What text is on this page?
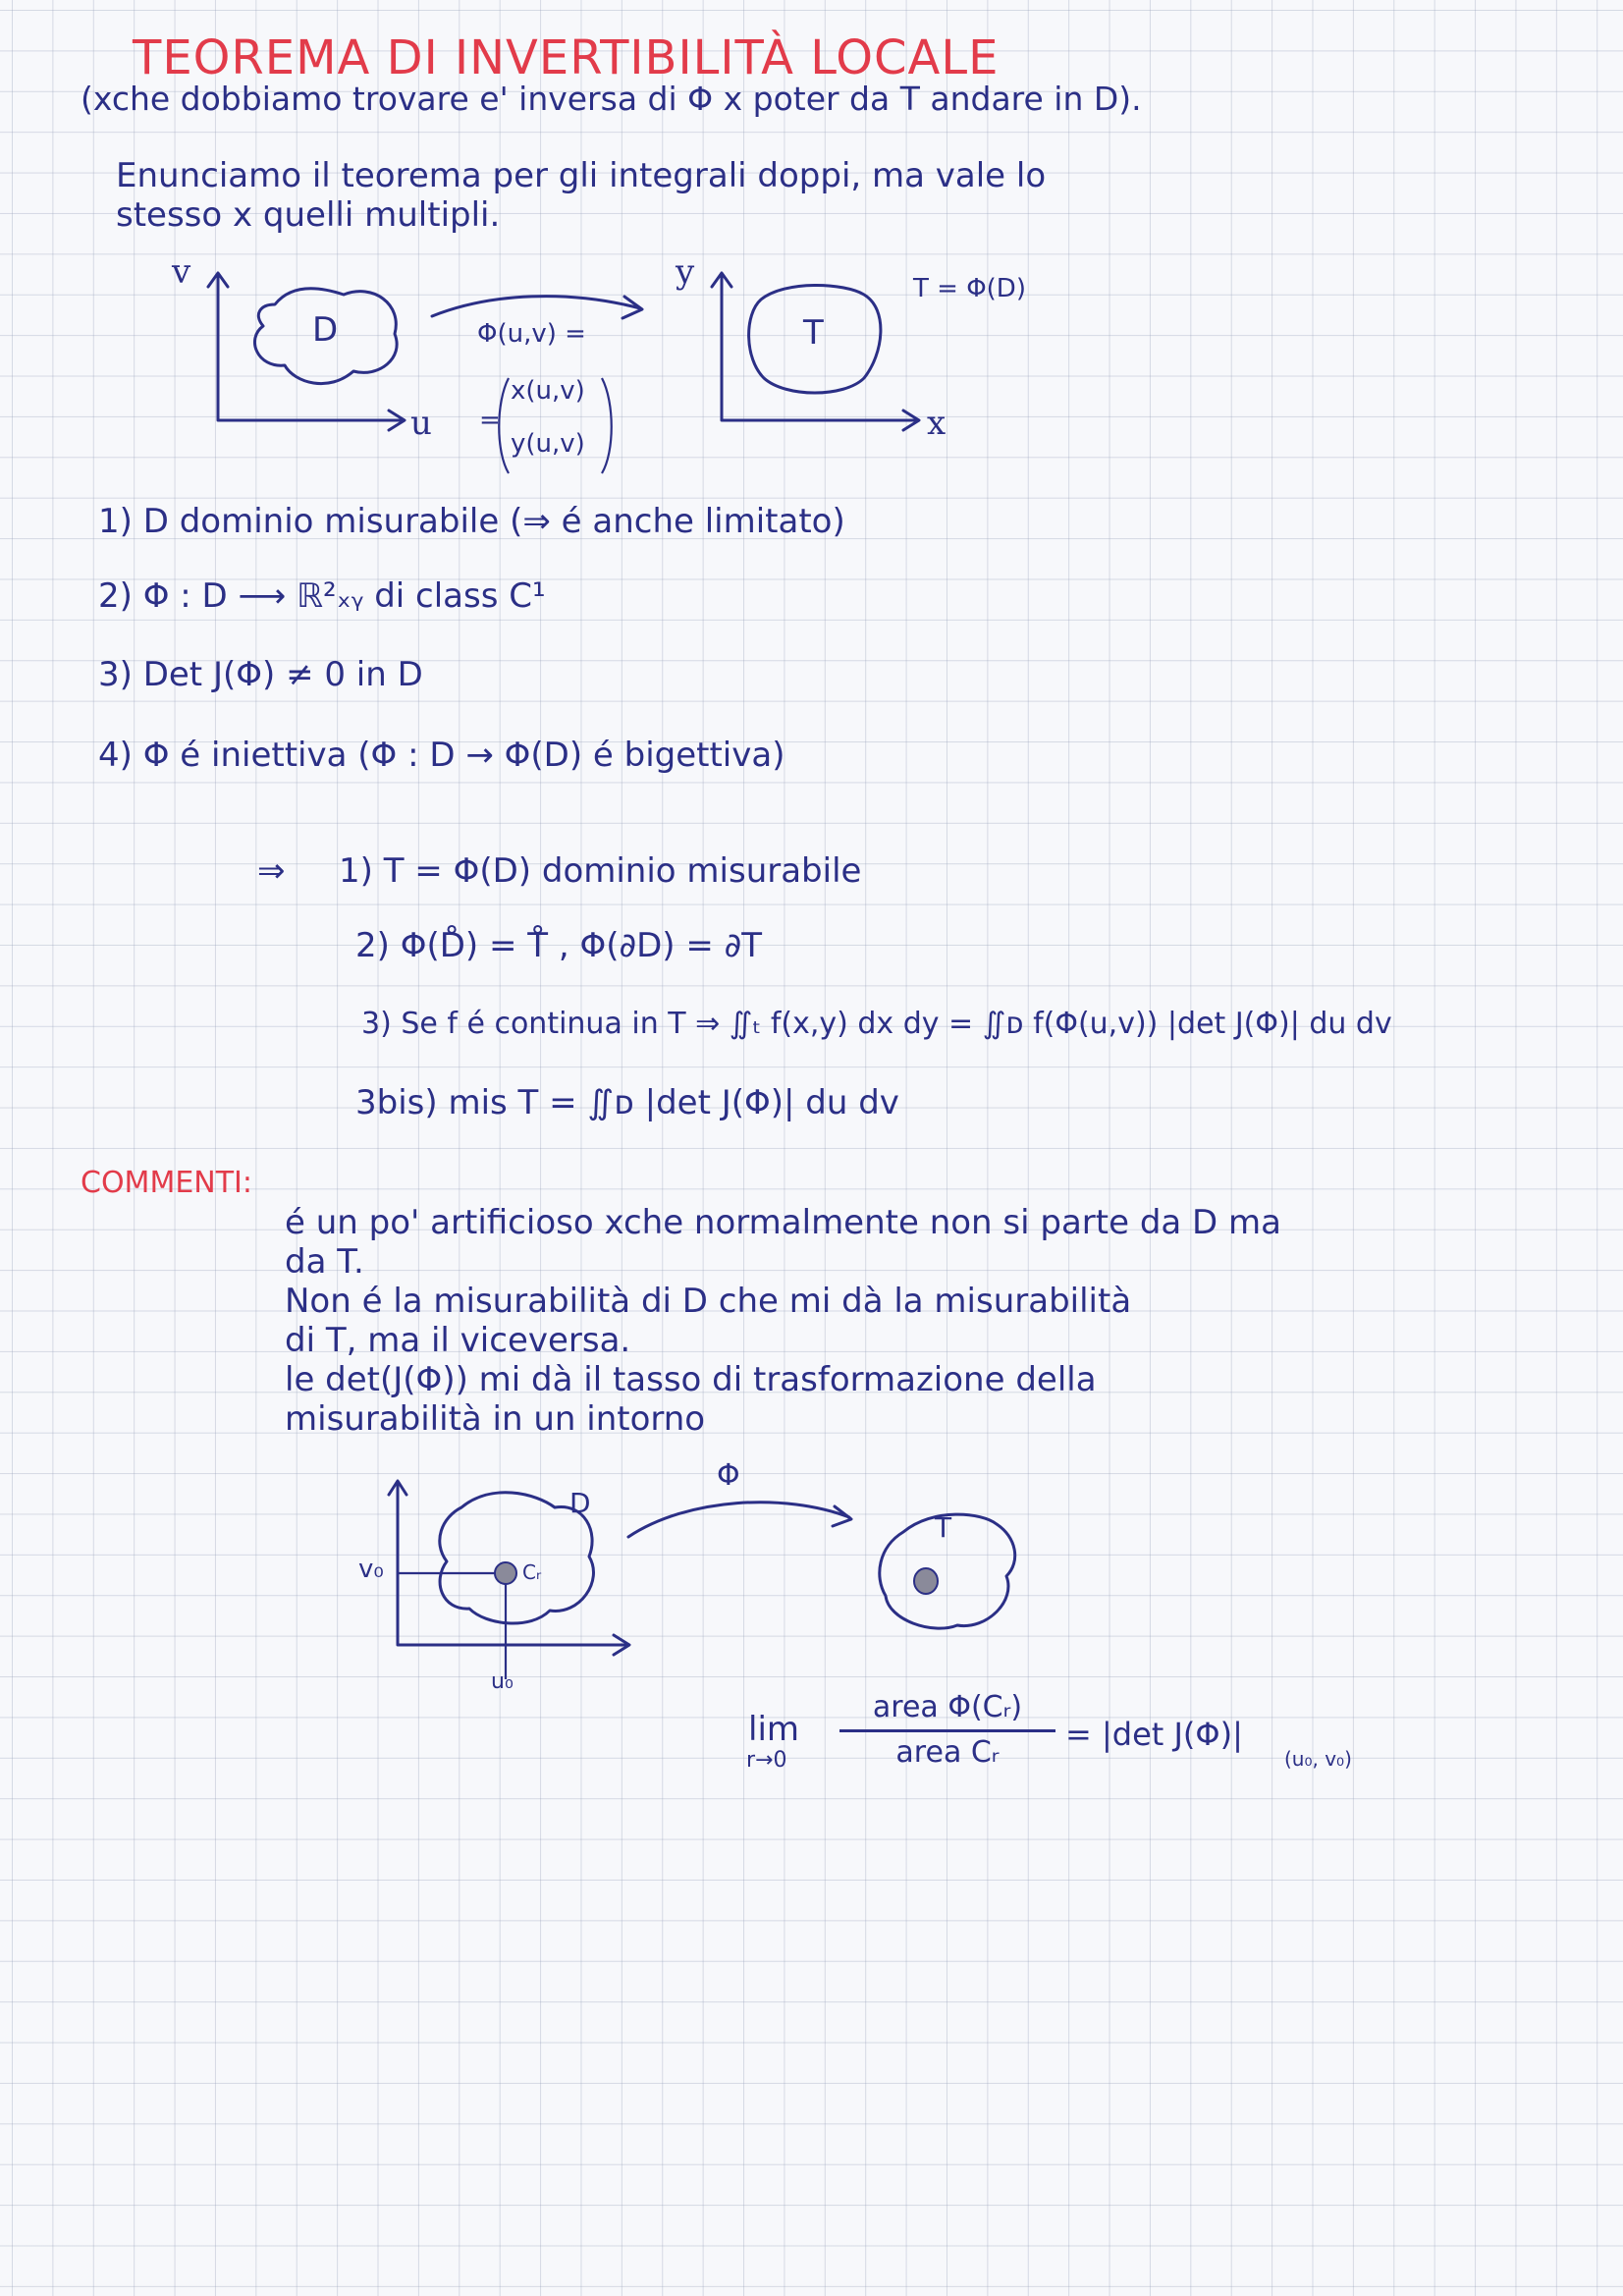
TEOREMA DI INVERTIBILITÀ LOCALE
(xche dobbiamo trovare e' inversa di Φ x poter da T andare in D).
Enunciamo il teorema per gli integrali doppi, ma vale lo
stesso x quelli multipli.
v
u
y
x
D	T
Φ(u,v) =
=
x(u,v)
y(u,v)
T = Φ(D)
1) D dominio misurabile (⇒ é anche limitato)
2) Φ : D ⟶ ℝ²ₓᵧ di class C¹
3) Det J(Φ) ≠ 0 in D
4) Φ é iniettiva (Φ : D → Φ(D) é bigettiva)
⇒ 1) T = Φ(D) dominio misurabile
2) Φ(D̊) = T̊ , Φ(∂D) = ∂T
3) Se f é continua in T ⇒ ∬ₜ f(x,y) dx dy = ∬ᴅ f(Φ(u,v)) |det J(Φ)| du dv
3bis) mis T = ∬ᴅ |det J(Φ)| du dv
COMMENTI:
é un po' artificioso xche normalmente non si parte da D ma
da T.
Non é la misurabilità di D che mi dà la misurabilità
di T, ma il viceversa.
le det(J(Φ)) mi dà il tasso di trasformazione della
misurabilità in un intorno
D
T
Φ
v₀
u₀
Cᵣ
lim
r→0
area Φ(Cᵣ)
area Cᵣ	= |det J(Φ)|
(u₀, v₀)
